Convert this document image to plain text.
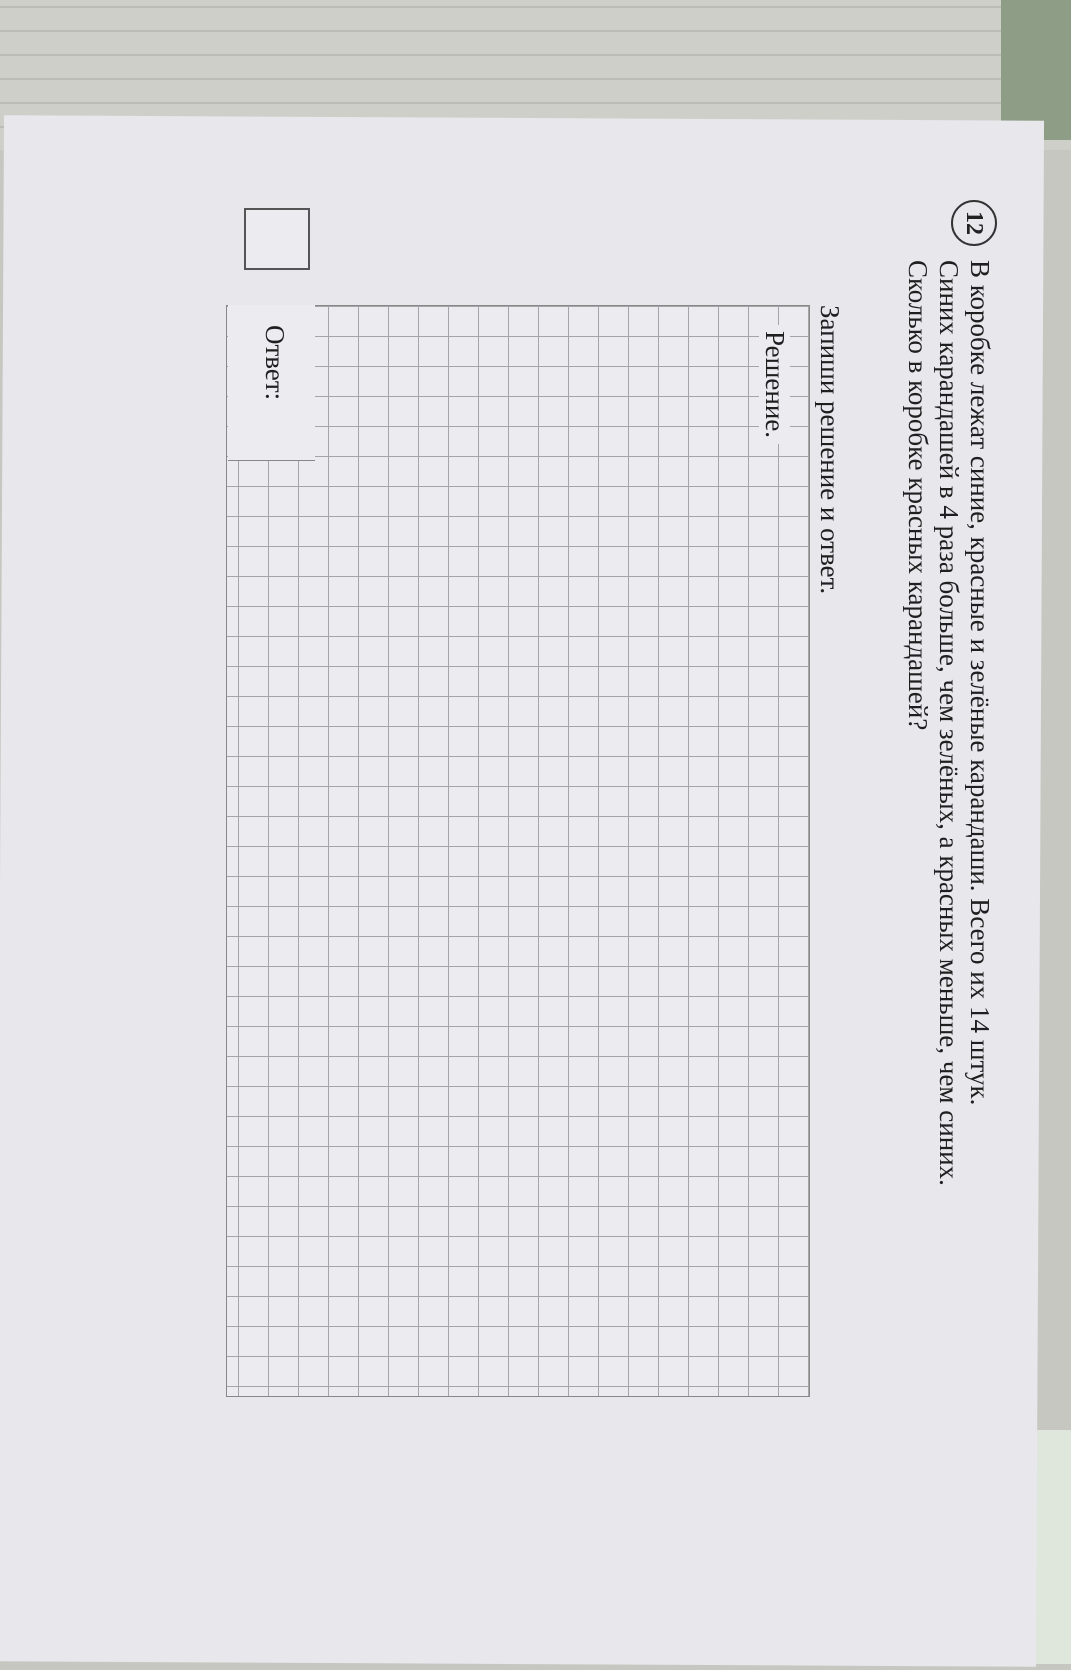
12
В коробке лежат синие, красные и зелёные карандаши. Всего их 14 штук.
Синих карандашей в 4 раза больше, чем зелёных, а красных меньше, чем синих.
Сколько в коробке красных карандашей?
Запиши решение и ответ.
Решение.
Ответ:
